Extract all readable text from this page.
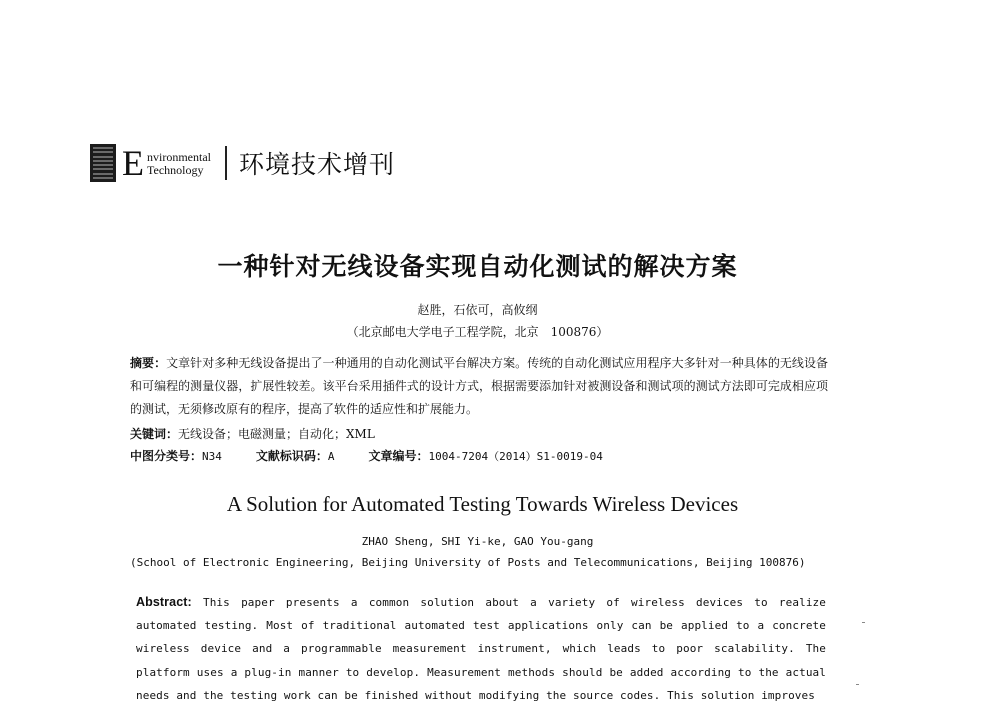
E nvironmental
Technology	环境技术增刊
一种针对无线设备实现自动化测试的解决方案
赵胜，石依可，高攸纲
（北京邮电大学电子工程学院，北京　100876）
摘要：文章针对多种无线设备提出了一种通用的自动化测试平台解决方案。传统的自动化测试应用程序大多针对一种具体的无线设备和可编程的测量仪器，扩展性较差。该平台采用插件式的设计方式，根据需要添加针对被测设备和测试项的测试方法即可完成相应项的测试，无须修改原有的程序，提高了软件的适应性和扩展能力。
关键词：无线设备；电磁测量；自动化；XML
中图分类号：N34	文献标识码：A	文章编号：1004-7204（2014）S1-0019-04
A Solution for Automated Testing Towards Wireless Devices
ZHAO Sheng, SHI Yi-ke, GAO You-gang
(School of Electronic Engineering, Beijing University of Posts and Telecommunications, Beijing 100876)
Abstract: This paper presents a common solution about a variety of wireless devices to realize automated testing. Most of traditional automated test applications only can be applied to a concrete wireless device and a programmable measurement instrument, which leads to poor scalability. The platform uses a plug-in manner to develop. Measurement methods should be added according to the actual needs and the testing work can be finished without modifying the source codes. This solution improves
